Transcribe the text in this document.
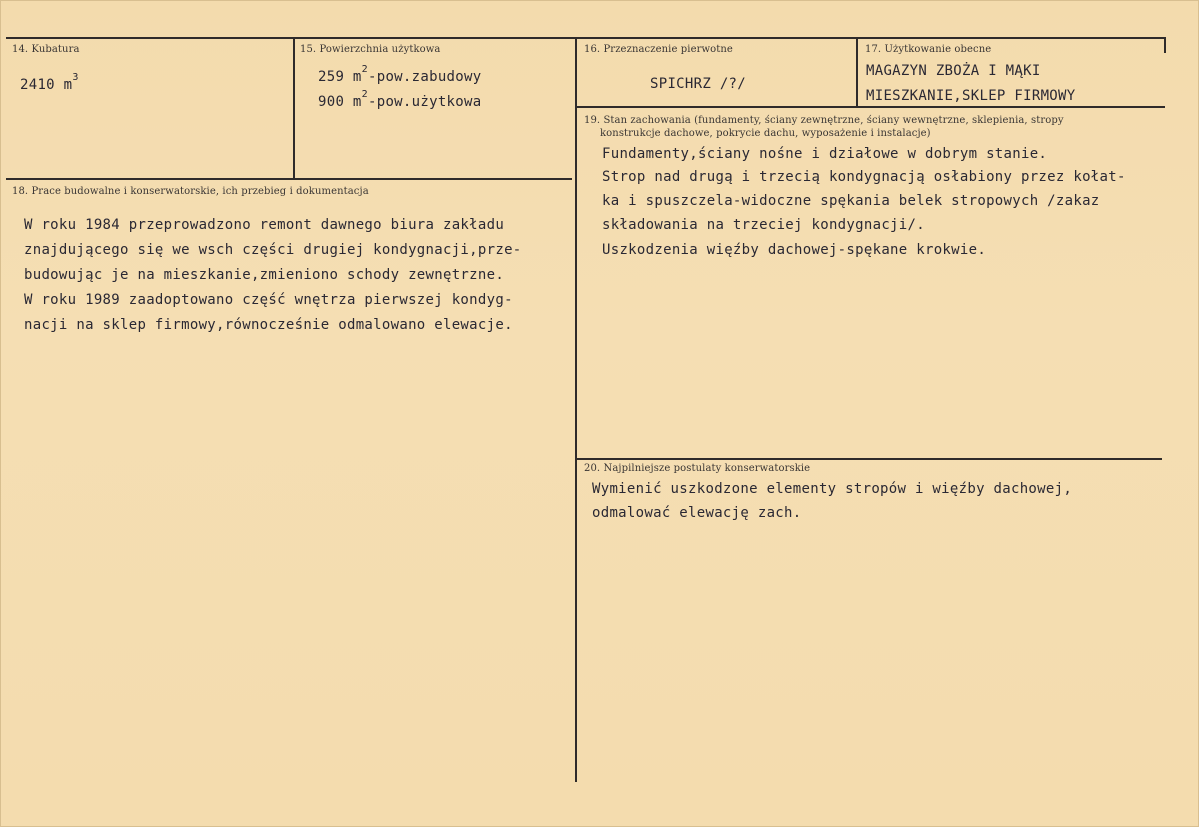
14. Kubatura
2410 $m^3$
15. Powierzchnia użytkowa
259 $m^2-pow.zabudowy$
900 $m^2-pow.użytkowa$
16. Przeznaczenie pierwotne
SPICHRZ /?/
17. Użytkowanie obecne
MAGAZYN ZBOŻA I MĄKI
MIESZKANIE,SKLEP FIRMOWY
18. Prace budowalne i konserwatorskie, ich przebieg i dokumentacja
W roku 1984 przeprowadzono remont dawnego biura zakładu
znajdującego się we wsch części drugiej kondygnacji,prze-
budowując je na mieszkanie,zmieniono schody zewnętrzne.
W roku 1989 zaadoptowano część wnętrza pierwszej kondyg-
nacji na sklep firmowy,równocześnie odmalowano elewacje.
19. Stan zachowania (fundamenty, ściany zewnętrzne, ściany wewnętrzne, sklepienia, stropy
konstrukcje dachowe, pokrycie dachu, wyposażenie i instalacje)
Fundamenty,ściany nośne i działowe w dobrym stanie.
Strop nad drugą i trzecią kondygnacją osłabiony przez kołat-
ka i spuszczela-widoczne spękania belek stropowych /zakaz
składowania na trzeciej kondygnacji/.
Uszkodzenia więźby dachowej-spękane krokwie.
20. Najpilniejsze postulaty konserwatorskie
Wymienić uszkodzone elementy stropów i więźby dachowej,
odmalować elewację zach.
